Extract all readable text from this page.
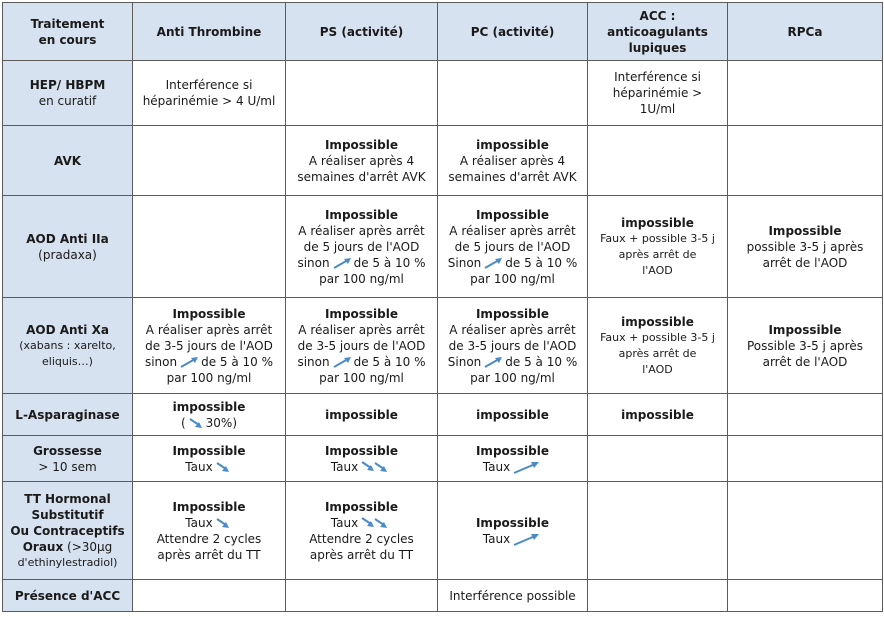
Traitement
en cours	Anti Thrombine	PS (activité)	PC (activité)	ACC :
anticoagulants
lupiques	RPCa

HEP/ HBPM
en curatif	Interférence si
héparinémie > 4 U/ml			Interférence si
héparinémie >
1U/ml	

AVK		Impossible
A réaliser après 4
semaines d'arrêt AVK	impossible
A réaliser après 4
semaines d'arrêt AVK		

AOD Anti IIa
(pradaxa)		Impossible
A réaliser après arrêt
de 5 jours de l'AOD
sinon de 5 à 10 %
par 100 ng/ml	Impossible
A réaliser après arrêt
de 5 jours de l'AOD
Sinon de 5 à 10 %
par 100 ng/ml	impossible
Faux + possible 3-5 j
après arrêt de
l'AOD	Impossible
possible 3-5 j après
arrêt de l'AOD

AOD Anti Xa
(xabans : xarelto,
eliquis…)	Impossible
A réaliser après arrêt
de 3-5 jours de l'AOD
sinon de 5 à 10 %
par 100 ng/ml	Impossible
A réaliser après arrêt
de 3-5 jours de l'AOD
sinon de 5 à 10 %
par 100 ng/ml	Impossible
A réaliser après arrêt
de 3-5 jours de l'AOD
Sinon de 5 à 10 %
par 100 ng/ml	impossible
Faux + possible 3-5 j
après arrêt de
l'AOD	Impossible
Possible 3-5 j après
arrêt de l'AOD

L-Asparaginase	impossible
( 30%)	impossible	impossible	impossible	

Grossesse
> 10 sem	Impossible
Taux	Impossible
Taux	Impossible
Taux		

TT Hormonal
Substitutif
Ou Contraceptifs
Oraux (>30µg
d'ethinylestradiol)	Impossible
Taux
Attendre 2 cycles
après arrêt du TT	Impossible
Taux
Attendre 2 cycles
après arrêt du TT	Impossible
Taux		

Présence d'ACC			Interférence possible		
